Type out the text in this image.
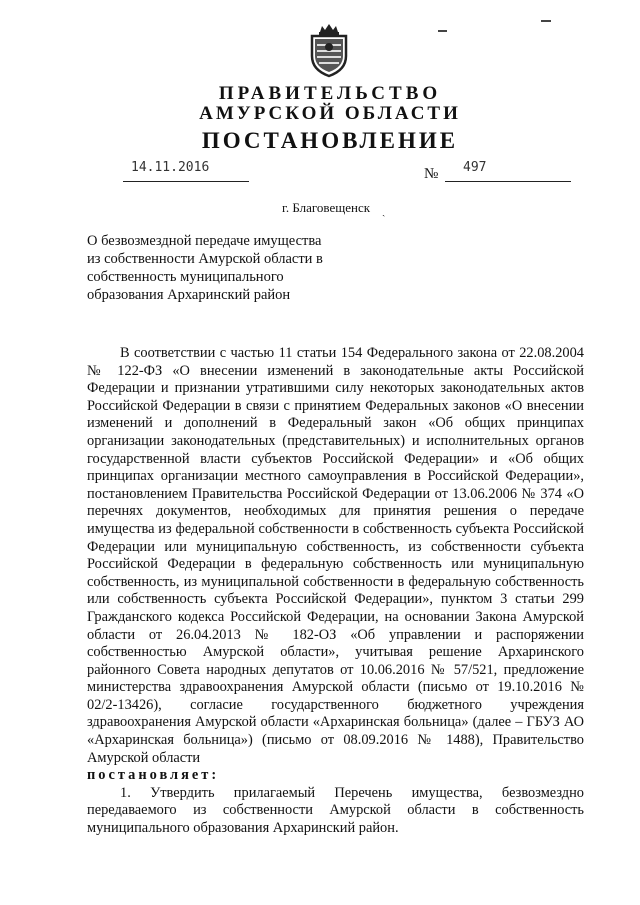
ПРАВИТЕЛЬСТВО
АМУРСКОЙ ОБЛАСТИ
ПОСТАНОВЛЕНИЕ
14.11.2016	№	497
г. Благовещенск ˎ
О безвозмездной передаче имущества
из собственности Амурской области в
собственность муниципального
образования Архаринский район

В соответствии с частью 11 статьи 154 Федерального закона от 22.08.2004 № 122-ФЗ «О внесении изменений в законодательные акты Российской Федерации и признании утратившими силу некоторых законодательных актов Российской Федерации в связи с принятием Федеральных законов «О внесении изменений и дополнений в Федеральный закон «Об общих принципах организации законодательных (представительных) и исполнительных органов государственной власти субъектов Российской Федерации» и «Об общих принципах организации местного самоуправления в Российской Федерации», постановлением Правительства Российской Федерации от 13.06.2006 № 374 «О перечнях документов, необходимых для принятия решения о передаче имущества из федеральной собственности в собственность субъекта Российской Федерации или муниципальную собственность, из собственности субъекта Российской Федерации в федеральную собственность или муниципальную собственность, из муниципальной собственности в федеральную собственность или собственность субъекта Российской Федерации», пунктом 3 статьи 299 Гражданского кодекса Российской Федерации, на основании Закона Амурской области от 26.04.2013 № 182-ОЗ «Об управлении и распоряжении собственностью Амурской области», учитывая решение Архаринского районного Совета народных депутатов от 10.06.2016 № 57/521, предложение министерства здравоохранения Амурской области (письмо от 19.10.2016 № 02/2-13426), согласие государственного бюджетного учреждения здравоохранения Амурской области «Архаринская больница» (далее – ГБУЗ АО «Архаринская больница») (письмо от 08.09.2016 № 1488), Правительство Амурской области

постановляет:

1. Утвердить прилагаемый Перечень имущества, безвозмездно передаваемого из собственности Амурской области в собственность муниципального образования Архаринский район.
